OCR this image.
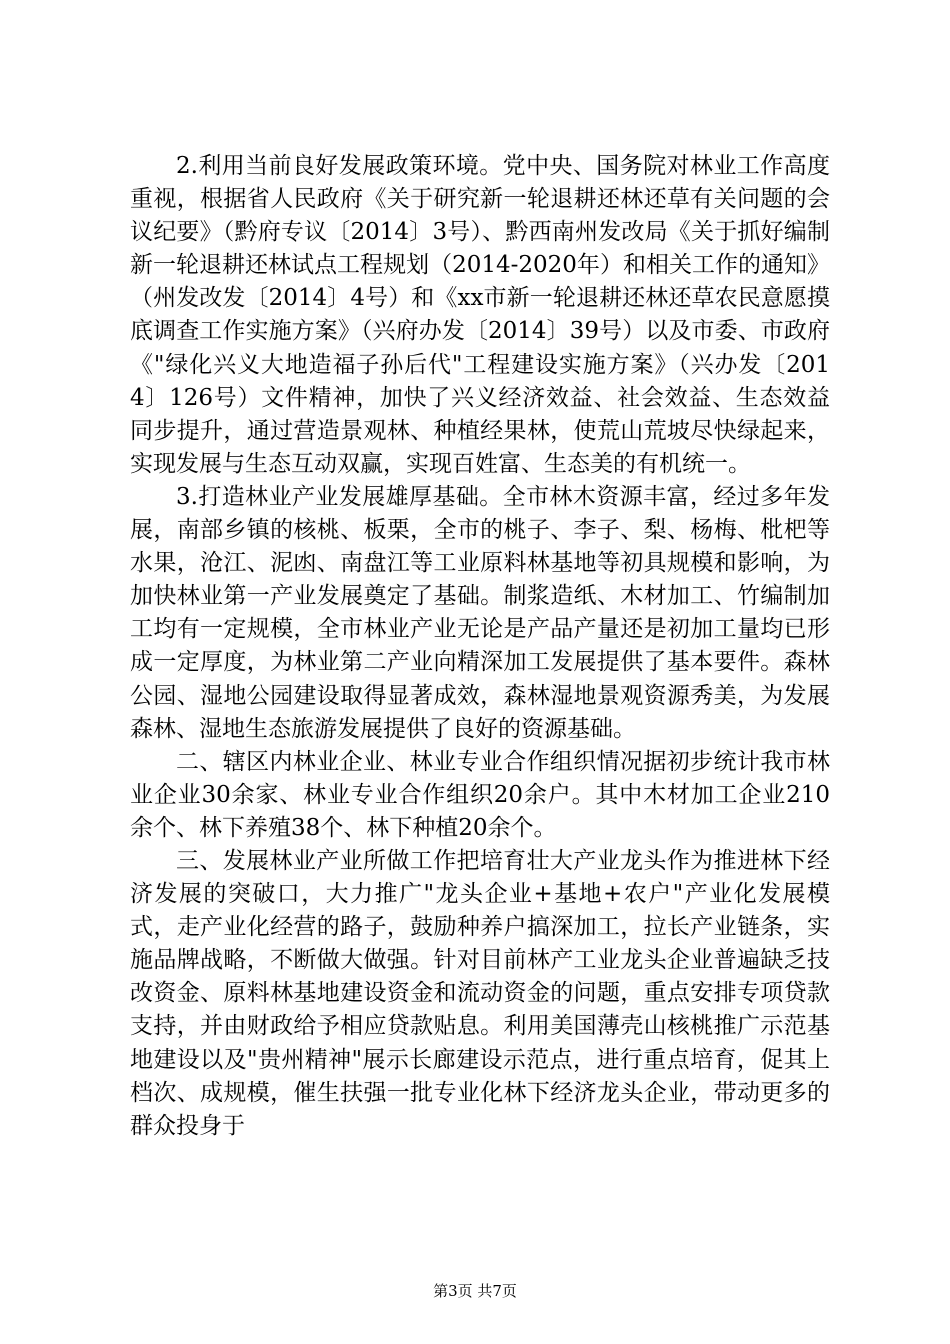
2.利用当前良好发展政策环境。党中央、国务院对林业工作高度重视，根据省人民政府《关于研究新一轮退耕还林还草有关问题的会议纪要》（黔府专议〔2014〕3号）、黔西南州发改局《关于抓好编制新一轮退耕还林试点工程规划（2014-2020年）和相关工作的通知》（州发改发〔2014〕4号）和《xx市新一轮退耕还林还草农民意愿摸底调查工作实施方案》（兴府办发〔2014〕39号）以及市委、市政府《"绿化兴义大地造福子孙后代"工程建设实施方案》（兴办发〔2014〕126号）文件精神，加快了兴义经济效益、社会效益、生态效益同步提升，通过营造景观林、种植经果林，使荒山荒坡尽快绿起来，实现发展与生态互动双赢，实现百姓富、生态美的有机统一。

3.打造林业产业发展雄厚基础。全市林木资源丰富，经过多年发展，南部乡镇的核桃、板栗，全市的桃子、李子、梨、杨梅、枇杷等水果，沧江、泥凼、南盘江等工业原料林基地等初具规模和影响，为加快林业第一产业发展奠定了基础。制浆造纸、木材加工、竹编制加工均有一定规模，全市林业产业无论是产品产量还是初加工量均已形成一定厚度，为林业第二产业向精深加工发展提供了基本要件。森林公园、湿地公园建设取得显著成效，森林湿地景观资源秀美，为发展森林、湿地生态旅游发展提供了良好的资源基础。

二、辖区内林业企业、林业专业合作组织情况据初步统计我市林业企业30余家、林业专业合作组织20余户。其中木材加工企业210余个、林下养殖38个、林下种植20余个。

三、发展林业产业所做工作把培育壮大产业龙头作为推进林下经济发展的突破口，大力推广"龙头企业+基地+农户"产业化发展模式，走产业化经营的路子，鼓励种养户搞深加工，拉长产业链条，实施品牌战略，不断做大做强。针对目前林产工业龙头企业普遍缺乏技改资金、原料林基地建设资金和流动资金的问题，重点安排专项贷款支持，并由财政给予相应贷款贴息。利用美国薄壳山核桃推广示范基地建设以及"贵州精神"展示长廊建设示范点，进行重点培育，促其上档次、成规模，催生扶强一批专业化林下经济龙头企业，带动更多的群众投身于

第3页 共7页
